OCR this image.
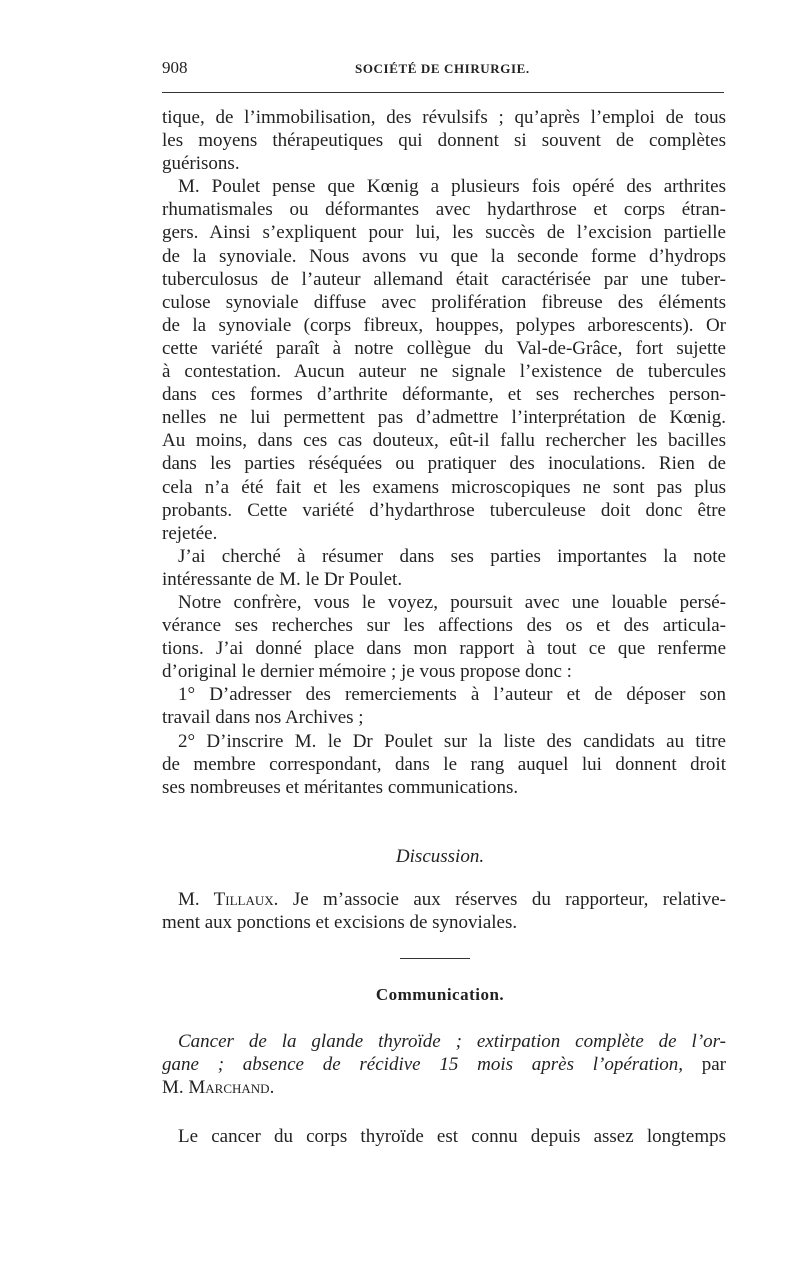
908	SOCIÉTÉ DE CHIRURGIE.
tique, de l’immobilisation, des révulsifs ; qu’après l’emploi de tous
les moyens thérapeutiques qui donnent si souvent de complètes
guérisons.
M. Poulet pense que Kœnig a plusieurs fois opéré des arthrites
rhumatismales ou déformantes avec hydarthrose et corps étran-
gers. Ainsi s’expliquent pour lui, les succès de l’excision partielle
de la synoviale. Nous avons vu que la seconde forme d’hydrops
tuberculosus de l’auteur allemand était caractérisée par une tuber-
culose synoviale diffuse avec prolifération fibreuse des éléments
de la synoviale (corps fibreux, houppes, polypes arborescents). Or
cette variété paraît à notre collègue du Val-de-Grâce, fort sujette
à contestation. Aucun auteur ne signale l’existence de tubercules
dans ces formes d’arthrite déformante, et ses recherches person-
nelles ne lui permettent pas d’admettre l’interprétation de Kœnig.
Au moins, dans ces cas douteux, eût-il fallu rechercher les bacilles
dans les parties réséquées ou pratiquer des inoculations. Rien de
cela n’a été fait et les examens microscopiques ne sont pas plus
probants. Cette variété d’hydarthrose tuberculeuse doit donc être
rejetée.
J’ai cherché à résumer dans ses parties importantes la note
intéressante de M. le Dr Poulet.
Notre confrère, vous le voyez, poursuit avec une louable persé-
vérance ses recherches sur les affections des os et des articula-
tions. J’ai donné place dans mon rapport à tout ce que renferme
d’original le dernier mémoire ; je vous propose donc :
1° D’adresser des remerciements à l’auteur et de déposer son
travail dans nos Archives ;
2° D’inscrire M. le Dr Poulet sur la liste des candidats au titre
de membre correspondant, dans le rang auquel lui donnent droit
ses nombreuses et méritantes communications.
Discussion.
M. Tillaux. Je m’associe aux réserves du rapporteur, relative-
ment aux ponctions et excisions de synoviales.
Communication.
Cancer de la glande thyroïde ; extirpation complète de l’or-
gane ; absence de récidive 15 mois après l’opération, par
M. Marchand.
Le cancer du corps thyroïde est connu depuis assez longtemps
